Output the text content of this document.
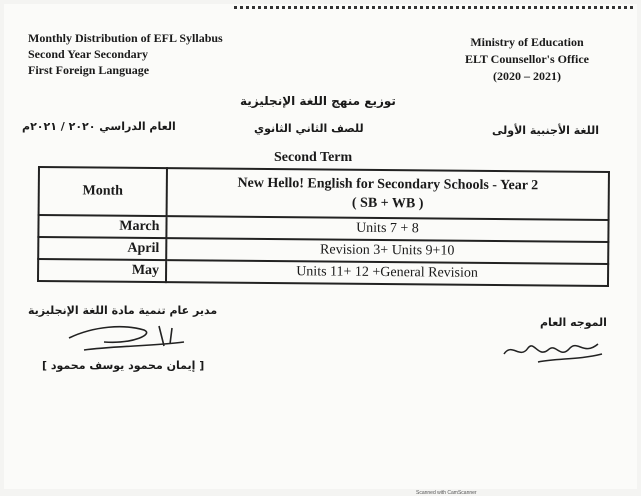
Monthly Distribution of EFL Syllabus
Second Year Secondary
First Foreign Language
Ministry of Education
ELT Counsellor's Office
(2020 – 2021)
توزيع منهج اللغة الإنجليزية
العام الدراسي ٢٠٢٠ / ٢٠٢١م	للصف الثاني الثانوي	اللغة الأجنبية الأولى
Second Term
Month	New Hello! English for Secondary Schools - Year 2
( SB + WB )

March	Units 7 + 8
April	Revision 3+ Units 9+10
May	Units 11+ 12 +General Revision
مدير عام تنمية مادة اللغة الإنجليزية
[ إيمان محمود يوسف محمود ]
الموجه العام
Scanned with CamScanner
